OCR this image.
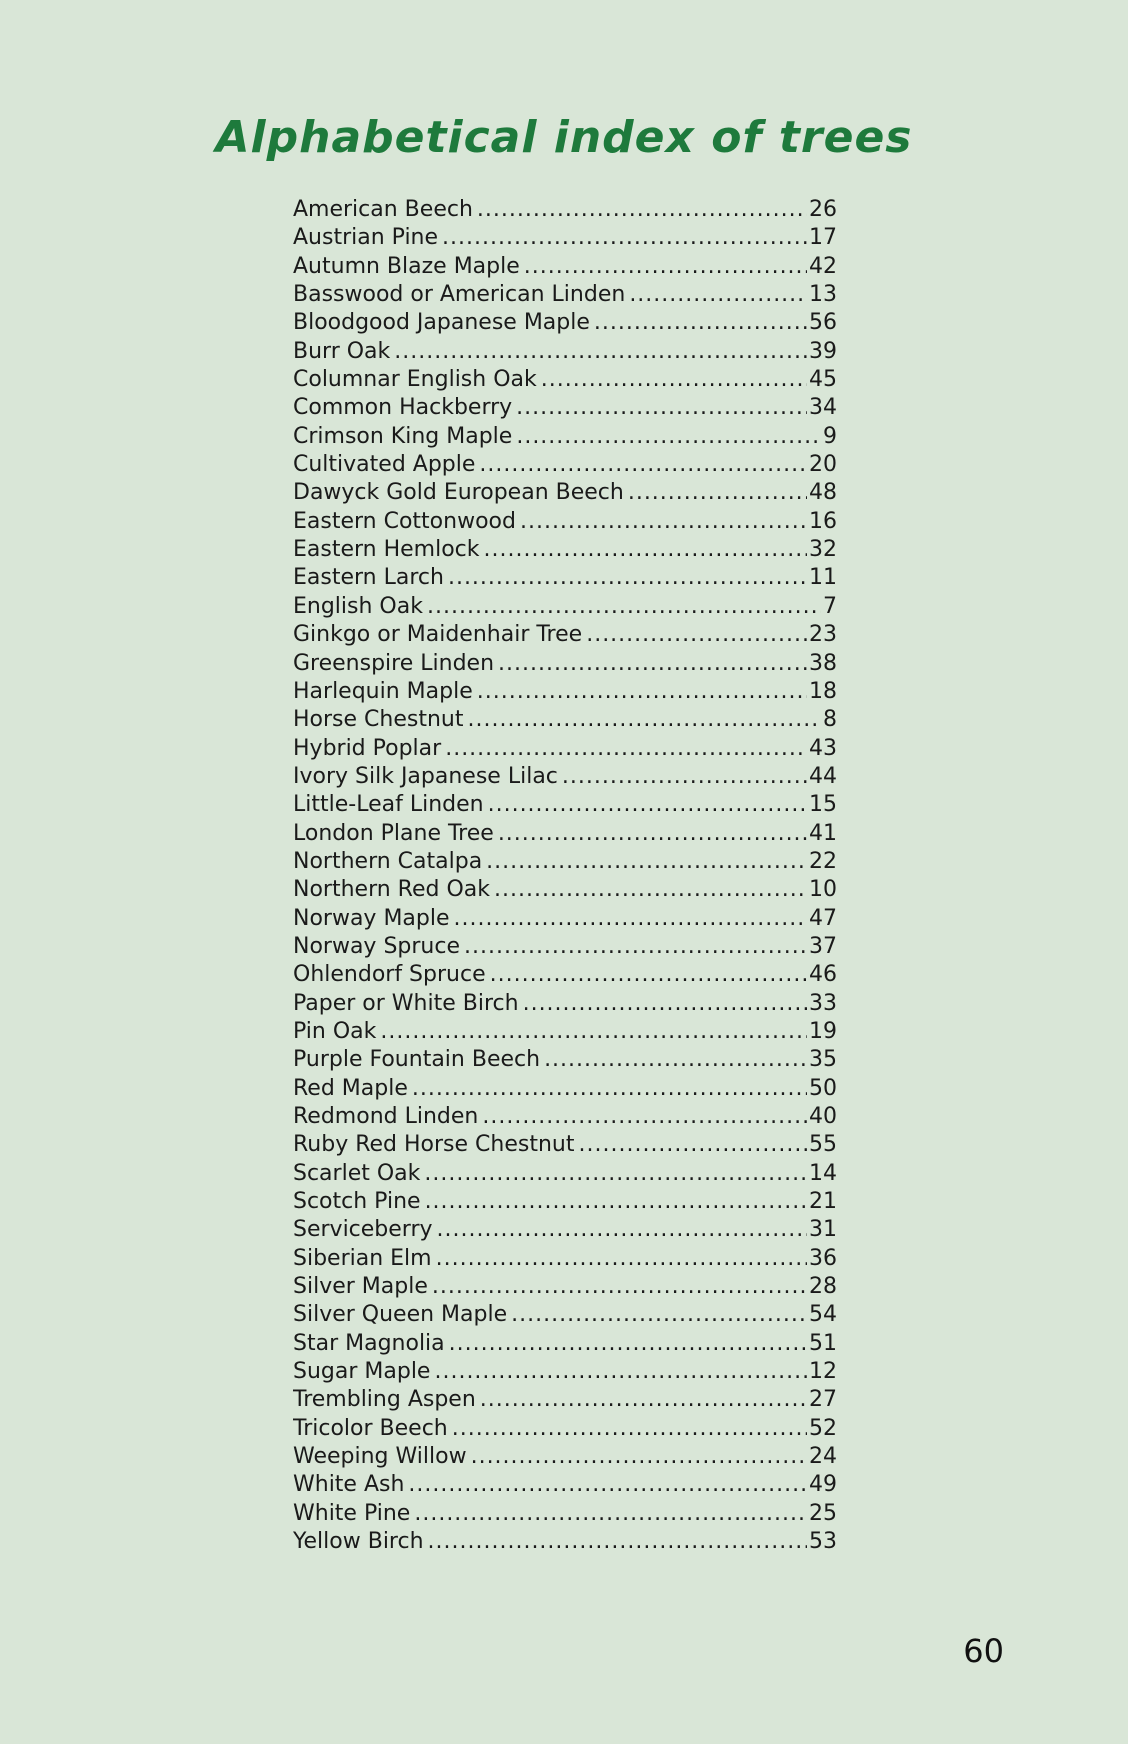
Alphabetical index of trees
American Beech .....	26
Austrian Pine .....	17
Autumn Blaze Maple .....	42
Basswood or American Linden .....	13
Bloodgood Japanese Maple .....	56
Burr Oak .....	39
Columnar English Oak .....	45
Common Hackberry .....	34
Crimson King Maple .....	9
Cultivated Apple .....	20
Dawyck Gold European Beech .....	48
Eastern Cottonwood .....	16
Eastern Hemlock .....	32
Eastern Larch .....	11
English Oak .....	7
Ginkgo or Maidenhair Tree .....	23
Greenspire Linden .....	38
Harlequin Maple .....	18
Horse Chestnut .....	8
Hybrid Poplar .....	43
Ivory Silk Japanese Lilac .....	44
Little-Leaf Linden .....	15
London Plane Tree .....	41
Northern Catalpa .....	22
Northern Red Oak .....	10
Norway Maple .....	47
Norway Spruce .....	37
Ohlendorf Spruce .....	46
Paper or White Birch .....	33
Pin Oak .....	19
Purple Fountain Beech .....	35
Red Maple .....	50
Redmond Linden .....	40
Ruby Red Horse Chestnut .....	55
Scarlet Oak .....	14
Scotch Pine .....	21
Serviceberry .....	31
Siberian Elm .....	36
Silver Maple .....	28
Silver Queen Maple .....	54
Star Magnolia .....	51
Sugar Maple .....	12
Trembling Aspen .....	27
Tricolor Beech .....	52
Weeping Willow .....	24
White Ash .....	49
White Pine .....	25
Yellow Birch .....	53
60
